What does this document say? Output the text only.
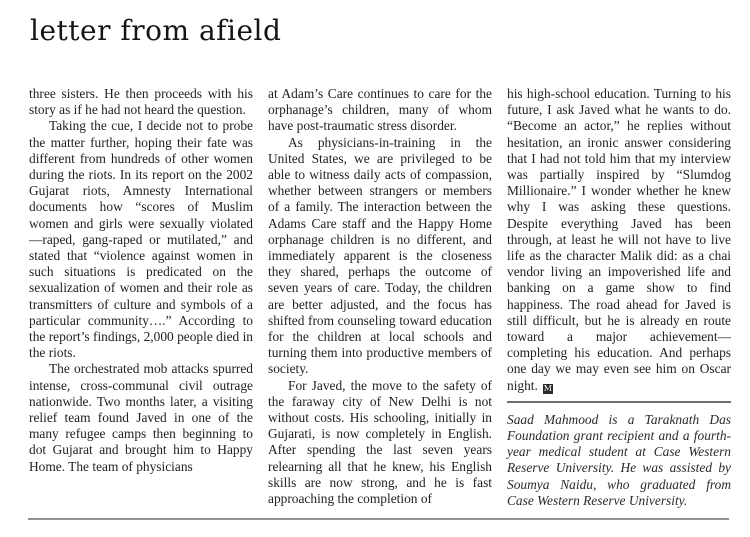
letter from afield

three sisters. He then proceeds with his story as if he had not heard the question.

Taking the cue, I decide not to probe the matter further, hoping their fate was different from hundreds of other women during the riots. In its report on the 2002 Gujarat riots, Amnesty International documents how “scores of Muslim women and girls were sexually violated—raped, gang-raped or mutilated,” and stated that “violence against women in such situations is predicated on the sexualization of women and their role as transmitters of culture and symbols of a particular community….” According to the report’s findings, 2,000 people died in the riots.

The orchestrated mob attacks spurred intense, cross-communal civil outrage nationwide. Two months later, a visiting relief team found Javed in one of the many refugee camps then beginning to dot Gujarat and brought him to Happy Home. The team of physicians

at Adam’s Care continues to care for the orphanage’s children, many of whom have post-traumatic stress disorder.

As physicians-in-training in the United States, we are privileged to be able to witness daily acts of compassion, whether between strangers or members of a family. The interaction between the Adams Care staff and the Happy Home orphanage children is no different, and immediately apparent is the closeness they shared, perhaps the outcome of seven years of care. Today, the children are better adjusted, and the focus has shifted from counseling toward education for the children at local schools and turning them into productive members of society.

For Javed, the move to the safety of the faraway city of New Delhi is not without costs. His schooling, initially in Gujarati, is now completely in English. After spending the last seven years relearning all that he knew, his English skills are now strong, and he is fast approaching the completion of

his high-school education. Turning to his future, I ask Javed what he wants to do. “Become an actor,” he replies without hesitation, an ironic answer considering that I had not told him that my interview was partially inspired by “Slumdog Millionaire.” I wonder whether he knew why I was asking these questions. Despite everything Javed has been through, at least he will not have to live life as the character Malik did: as a chai vendor living an impoverished life and banking on a game show to find happiness. The road ahead for Javed is still difficult, but he is already en route toward a major achievement—completing his education. And perhaps one day we may even see him on Oscar night. M

Saad Mahmood is a Taraknath Das Foundation grant recipient and a fourth-year medical student at Case Western Reserve University. He was assisted by Soumya Naidu, who graduated from Case Western Reserve University.
